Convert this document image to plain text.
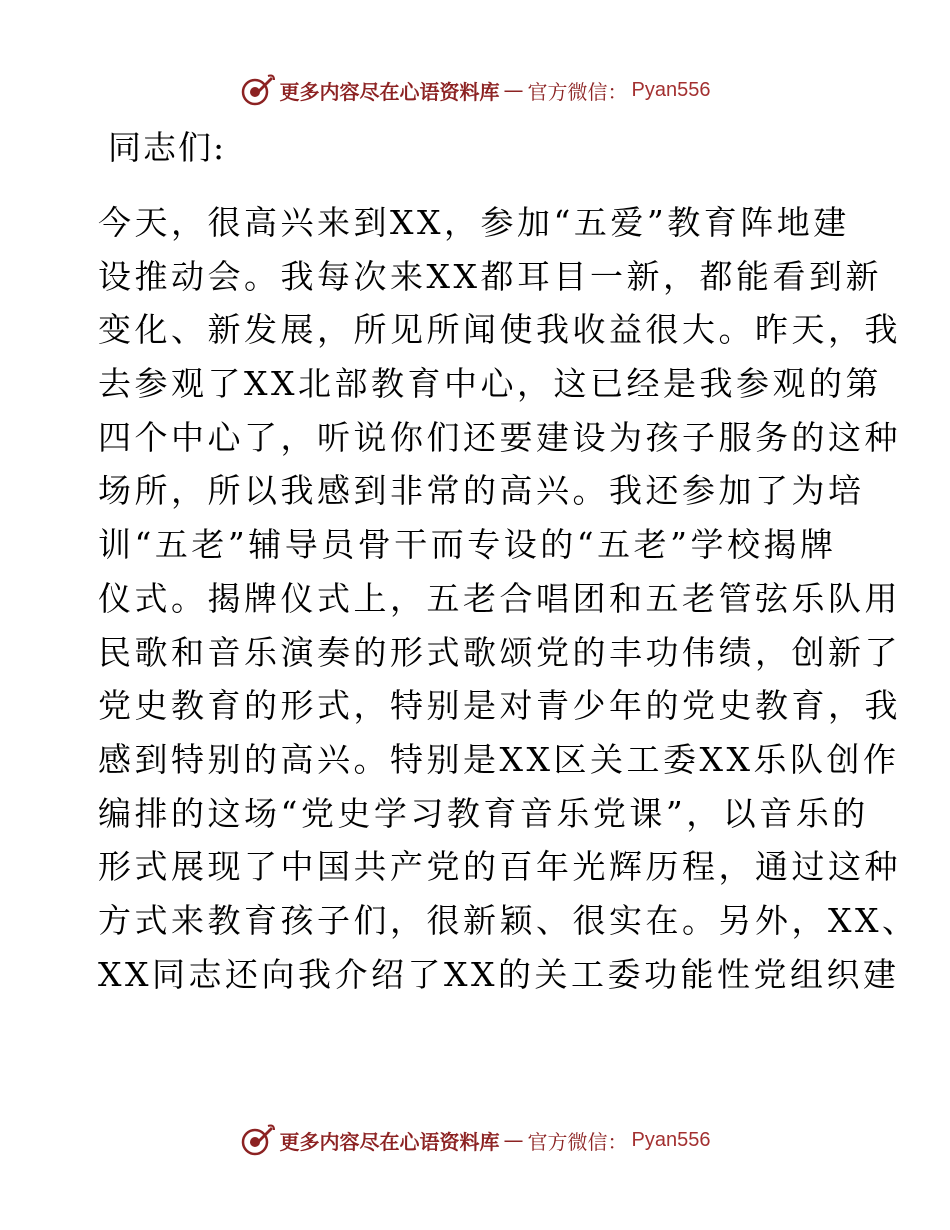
更多内容尽在心语资料库 — 官方微信： Pyan556
同志们:
今天，很高兴来到XX，参加“五爱”教育阵地建
设推动会。我每次来XX都耳目一新，都能看到新
变化、新发展，所见所闻使我收益很大。昨天，我
去参观了XX北部教育中心，这已经是我参观的第
四个中心了，听说你们还要建设为孩子服务的这种
场所，所以我感到非常的高兴。我还参加了为培
训“五老”辅导员骨干而专设的“五老”学校揭牌
仪式。揭牌仪式上，五老合唱团和五老管弦乐队用
民歌和音乐演奏的形式歌颂党的丰功伟绩，创新了
党史教育的形式，特别是对青少年的党史教育，我
感到特别的高兴。特别是XX区关工委XX乐队创作
编排的这场“党史学习教育音乐党课”，以音乐的
形式展现了中国共产党的百年光辉历程，通过这种
方式来教育孩子们，很新颖、很实在。另外，XX、
XX同志还向我介绍了XX的关工委功能性党组织建
更多内容尽在心语资料库 — 官方微信： Pyan556
